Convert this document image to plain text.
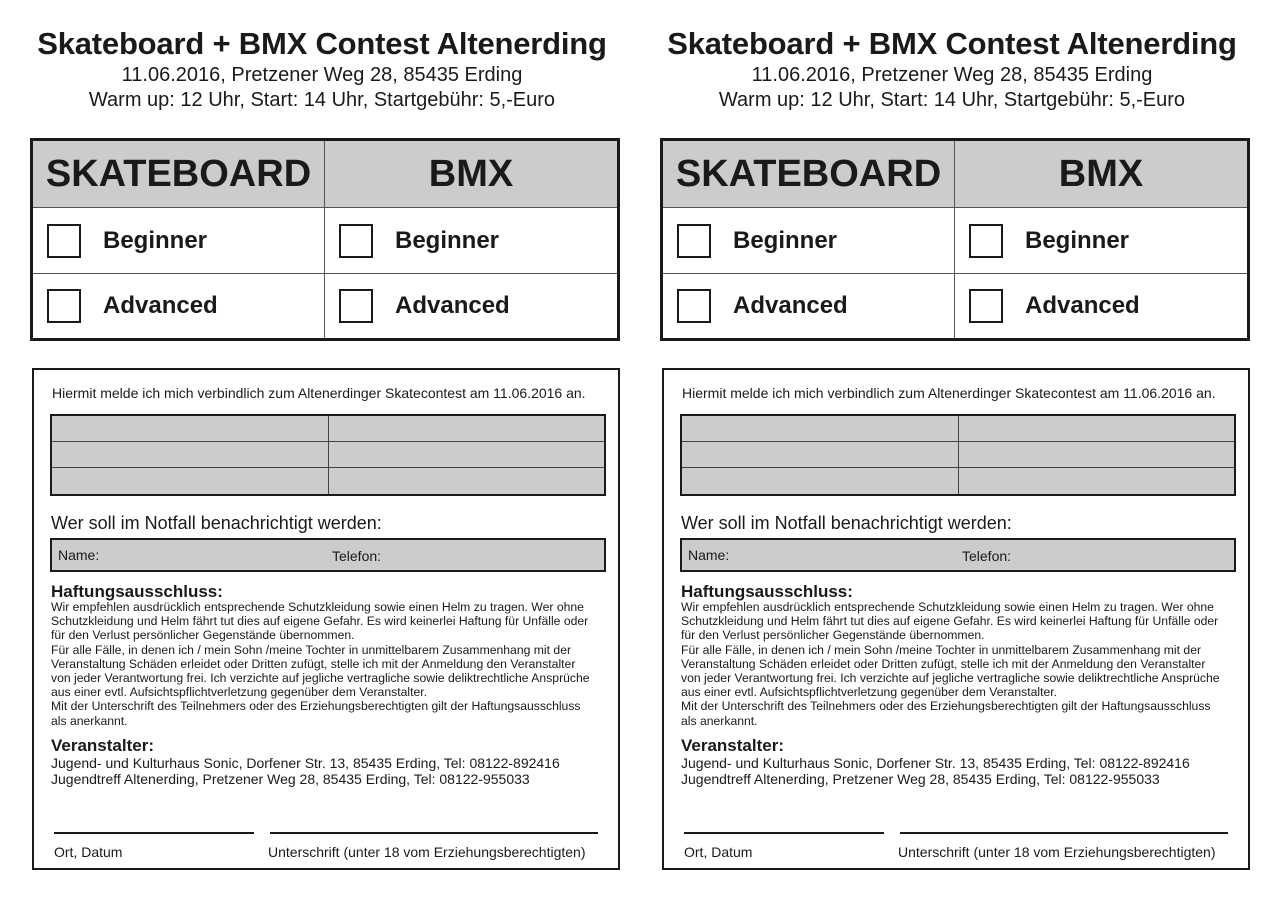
Skateboard + BMX Contest Altenerding
11.06.2016, Pretzener Weg 28, 85435 Erding
Warm up: 12 Uhr, Start: 14 Uhr, Startgebühr: 5,-Euro
SKATEBOARD	BMX
Beginner	Beginner
Advanced	Advanced
Hiermit melde ich mich verbindlich zum Altenerdinger Skatecontest am 11.06.2016 an.
Wer soll im Notfall benachrichtigt werden:
Name:	Telefon:
Haftungsausschluss:
Wir empfehlen ausdrücklich entsprechende Schutzkleidung sowie einen Helm zu tragen. Wer ohne
Schutzkleidung und Helm fährt tut dies auf eigene Gefahr. Es wird keinerlei Haftung für Unfälle oder
für den Verlust persönlicher Gegenstände übernommen.
Für alle Fälle, in denen ich / mein Sohn /meine Tochter in unmittelbarem Zusammenhang mit der
Veranstaltung Schäden erleidet oder Dritten zufügt, stelle ich mit der Anmeldung den Veranstalter
von jeder Verantwortung frei. Ich verzichte auf jegliche vertragliche sowie deliktrechtliche Ansprüche
aus einer evtl. Aufsichtspflichtverletzung gegenüber dem Veranstalter.
Mit der Unterschrift des Teilnehmers oder des Erziehungsberechtigten gilt der Haftungsausschluss
als anerkannt.
Veranstalter:
Jugend- und Kulturhaus Sonic, Dorfener Str. 13, 85435 Erding, Tel: 08122-892416
Jugendtreff Altenerding, Pretzener Weg 28, 85435 Erding, Tel: 08122-955033
Ort, Datum	Unterschrift (unter 18 vom Erziehungsberechtigten)
Skateboard + BMX Contest Altenerding
11.06.2016, Pretzener Weg 28, 85435 Erding
Warm up: 12 Uhr, Start: 14 Uhr, Startgebühr: 5,-Euro
SKATEBOARD	BMX
Beginner	Beginner
Advanced	Advanced
Hiermit melde ich mich verbindlich zum Altenerdinger Skatecontest am 11.06.2016 an.
Wer soll im Notfall benachrichtigt werden:
Name:	Telefon:
Haftungsausschluss:
Wir empfehlen ausdrücklich entsprechende Schutzkleidung sowie einen Helm zu tragen. Wer ohne
Schutzkleidung und Helm fährt tut dies auf eigene Gefahr. Es wird keinerlei Haftung für Unfälle oder
für den Verlust persönlicher Gegenstände übernommen.
Für alle Fälle, in denen ich / mein Sohn /meine Tochter in unmittelbarem Zusammenhang mit der
Veranstaltung Schäden erleidet oder Dritten zufügt, stelle ich mit der Anmeldung den Veranstalter
von jeder Verantwortung frei. Ich verzichte auf jegliche vertragliche sowie deliktrechtliche Ansprüche
aus einer evtl. Aufsichtspflichtverletzung gegenüber dem Veranstalter.
Mit der Unterschrift des Teilnehmers oder des Erziehungsberechtigten gilt der Haftungsausschluss
als anerkannt.
Veranstalter:
Jugend- und Kulturhaus Sonic, Dorfener Str. 13, 85435 Erding, Tel: 08122-892416
Jugendtreff Altenerding, Pretzener Weg 28, 85435 Erding, Tel: 08122-955033
Ort, Datum	Unterschrift (unter 18 vom Erziehungsberechtigten)
